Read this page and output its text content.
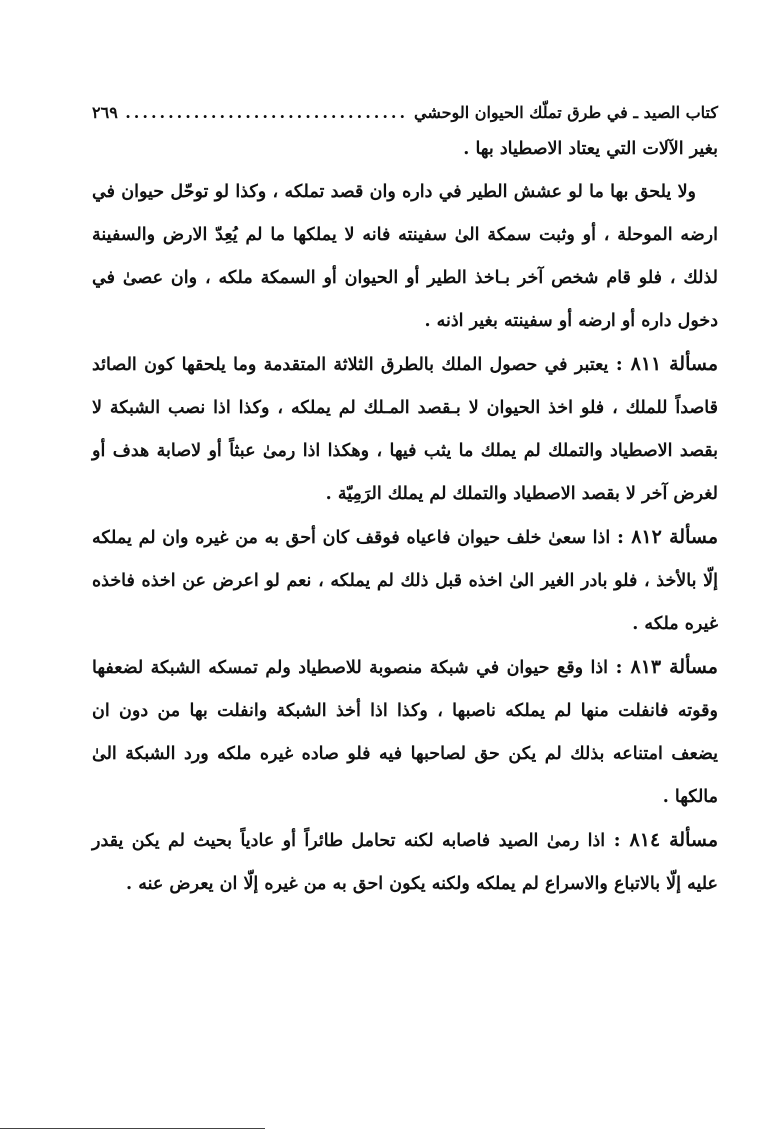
كتاب الصيد ـ في طرق تملّك الحيوان الوحشي
.....
٢٦٩

بغير الآلات التي يعتاد الاصطياد بها .

ولا يلحق بها ما لو عشش الطير في داره وان قصد تملكه ، وكذا لو توحّل حيوان في ارضه الموحلة ، أو وثبت سمكة الىٰ سفينته فانه لا يملكها ما لم يُعِدّ الارض والسفينة لذلك ، فلو قام شخص آخر بـاخذ الطير أو الحيوان أو السمكة ملكه ، وان عصىٰ في دخول داره أو ارضه أو سفينته بغير اذنه .

مسألة ٨١١ : يعتبر في حصول الملك بالطرق الثلاثة المتقدمة وما يلحقها كون الصائد قاصداً للملك ، فلو اخذ الحيوان لا بـقصد المـلك لم يملكه ، وكذا اذا نصب الشبكة لا بقصد الاصطياد والتملك لم يملك ما يثب فيها ، وهكذا اذا رمىٰ عبثاً أو لاصابة هدف أو لغرض آخر لا بقصد الاصطياد والتملك لم يملك الرَمِيّة .

مسألة ٨١٢ : اذا سعىٰ خلف حيوان فاعياه فوقف كان أحق به من غيره وان لم يملكه إلّا بالأخذ ، فلو بادر الغير الىٰ اخذه قبل ذلك لم يملكه ، نعم لو اعرض عن اخذه فاخذه غيره ملكه .

مسألة ٨١٣ : اذا وقع حيوان في شبكة منصوبة للاصطياد ولم تمسكه الشبكة لضعفها وقوته فانفلت منها لم يملكه ناصبها ، وكذا اذا أخذ الشبكة وانفلت بها من دون ان يضعف امتناعه بذلك لم يكن حق لصاحبها فيه فلو صاده غيره ملكه ورد الشبكة الىٰ مالكها .

مسألة ٨١٤ : اذا رمىٰ الصيد فاصابه لكنه تحامل طائراً أو عادياً بحيث لم يكن يقدر عليه إلّا بالاتباع والاسراع لم يملكه ولكنه يكون احق به من غيره إلّا ان يعرض عنه .
